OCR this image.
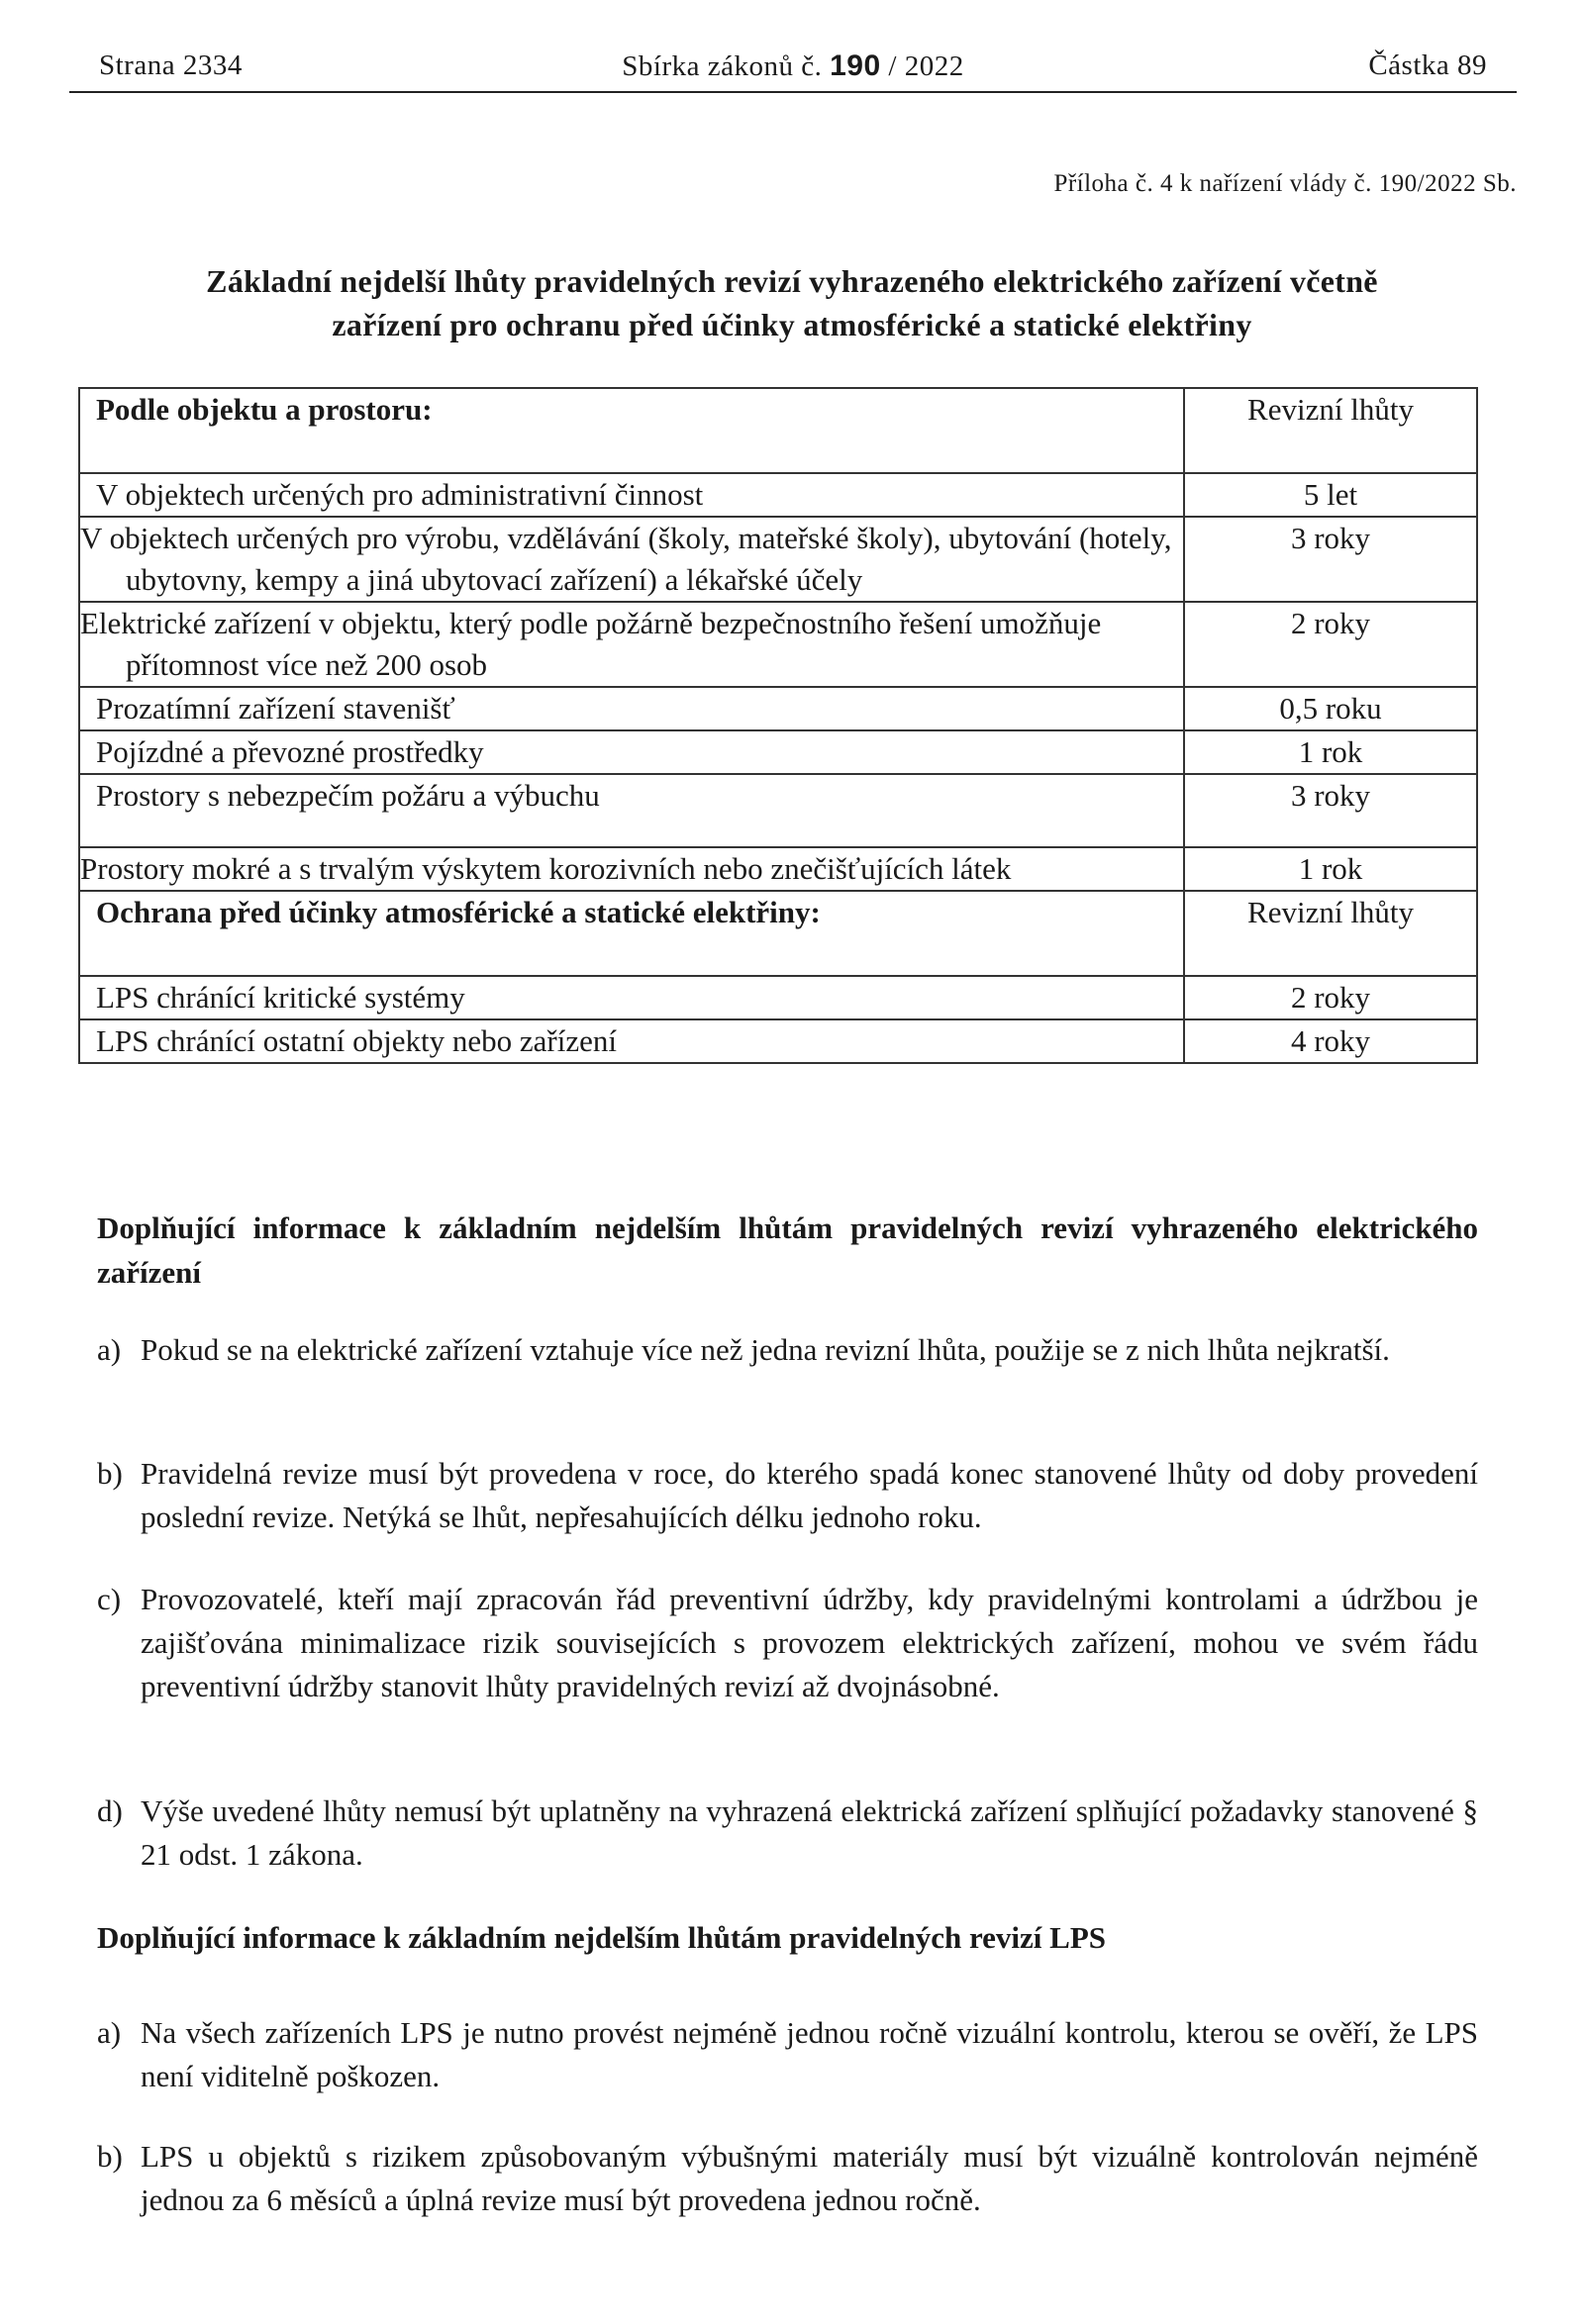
Strana 2334	Sbírka zákonů č. 190 / 2022	Částka 89
Příloha č. 4 k nařízení vlády č. 190/2022 Sb.
Základní nejdelší lhůty pravidelných revizí vyhrazeného elektrického zařízení včetně
zařízení pro ochranu před účinky atmosférické a statické elektřiny
Podle objektu a prostoru:	Revizní lhůty
V objektech určených pro administrativní činnost	5 let
V objektech určených pro výrobu, vzdělávání (školy, mateřské školy), ubytování (hotely, ubytovny, kempy a jiná ubytovací zařízení) a lékařské účely	3 roky
Elektrické zařízení v objektu, který podle požárně bezpečnostního řešení umožňuje přítomnost více než 200 osob	2 roky
Prozatímní zařízení stavenišť	0,5 roku
Pojízdné a převozné prostředky	1 rok
Prostory s nebezpečím požáru a výbuchu	3 roky
Prostory mokré a s trvalým výskytem korozivních nebo znečišťujících látek	1 rok
Ochrana před účinky atmosférické a statické elektřiny:	Revizní lhůty
LPS chránící kritické systémy	2 roky
LPS chránící ostatní objekty nebo zařízení	4 roky
Doplňující informace k základním nejdelším lhůtám pravidelných revizí vyhrazeného elektrického zařízení
a) Pokud se na elektrické zařízení vztahuje více než jedna revizní lhůta, použije se z nich lhůta nejkratší.
b) Pravidelná revize musí být provedena v roce, do kterého spadá konec stanovené lhůty od doby provedení poslední revize. Netýká se lhůt, nepřesahujících délku jednoho roku.
c) Provozovatelé, kteří mají zpracován řád preventivní údržby, kdy pravidelnými kontrolami a údržbou je zajišťována minimalizace rizik souvisejících s provozem elektrických zařízení, mohou ve svém řádu preventivní údržby stanovit lhůty pravidelných revizí až dvojnásobné.
d) Výše uvedené lhůty nemusí být uplatněny na vyhrazená elektrická zařízení splňující požadavky stanovené § 21 odst. 1 zákona.
Doplňující informace k základním nejdelším lhůtám pravidelných revizí LPS
a) Na všech zařízeních LPS je nutno provést nejméně jednou ročně vizuální kontrolu, kterou se ověří, že LPS není viditelně poškozen.
b) LPS u objektů s rizikem způsobovaným výbušnými materiály musí být vizuálně kontrolován nejméně jednou za 6 měsíců a úplná revize musí být provedena jednou ročně.
